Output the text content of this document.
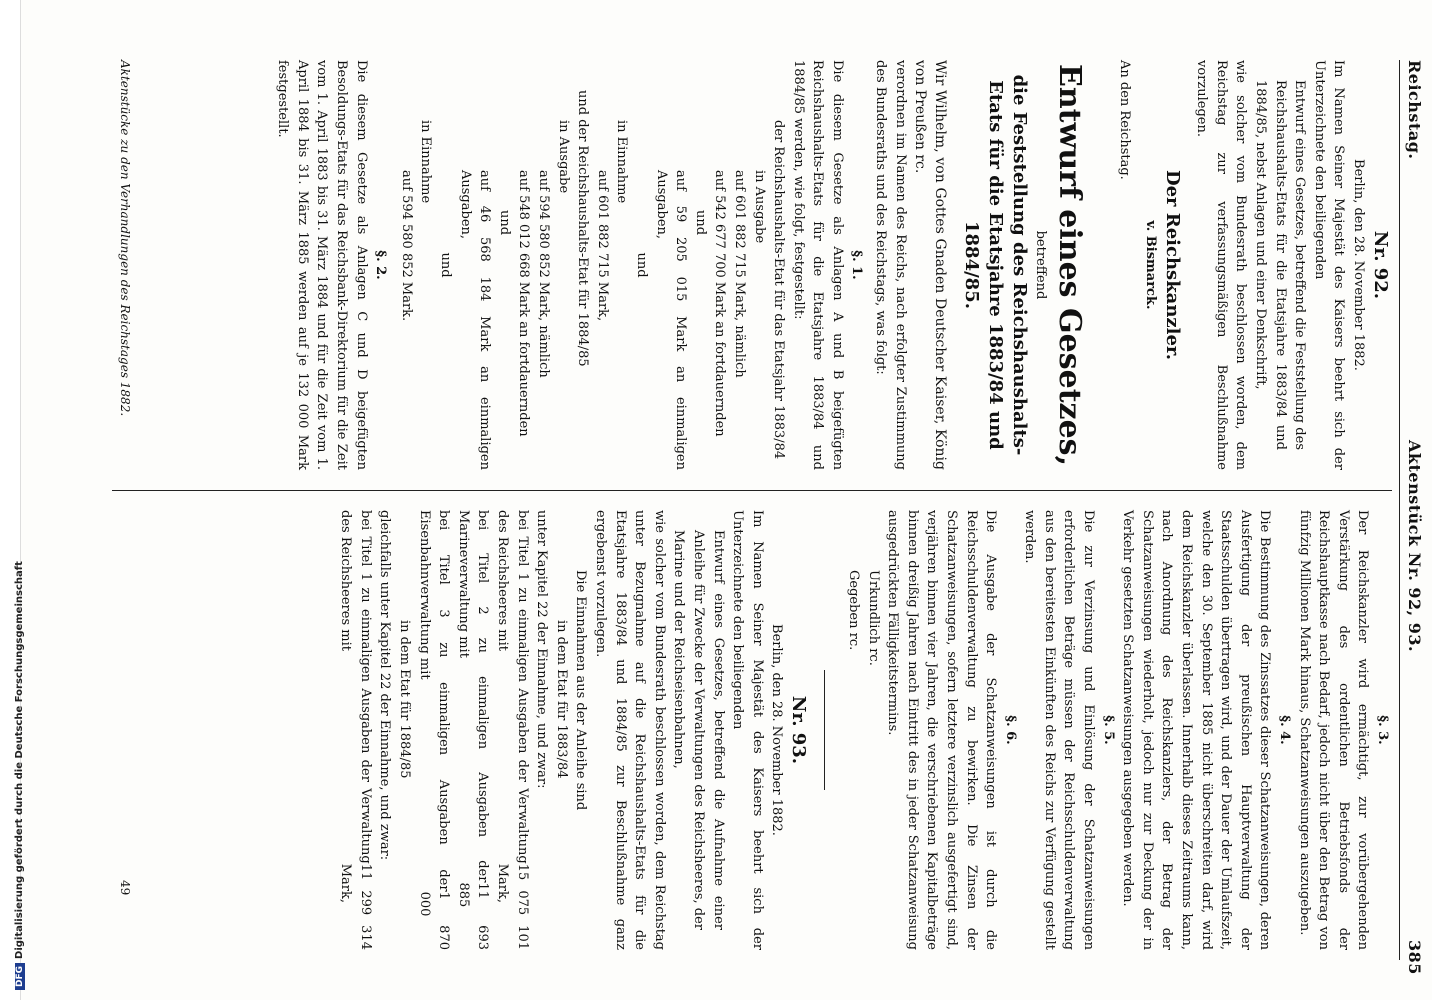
DFGDigitalisierung gefördert durch die Deutsche Forschungsgemeinschaft
Reichstag.
Aktenstück Nr. 92, 93.
385
Nr. 92.

Berlin, den 28. November 1882.

Im Namen Seiner Majestät des Kaisers beehrt sich der Unterzeichnete den beiliegenden

Entwurf eines Gesetzes, betreffend die Feststellung des Reichshaushalts-Etats für die Etatsjahre 1883/84 und 1884/85, nebst Anlagen und einer Denkschrift,

wie solcher vom Bundesrath beschlossen worden, dem Reichstag zur verfassungsmäßigen Beschlußnahme vorzulegen.

Der Reichskanzler.
v. Bismarck.
An den Reichstag.
Entwurf eines Gesetzes,
betreffend
die Feststellung des Reichshaushalts-Etats für die Etatsjahre 1883/84 und 1884/85.

Wir Wilhelm, von Gottes Gnaden Deutscher Kaiser, König von Preußen rc.

verordnen im Namen des Reichs, nach erfolgter Zustimmung des Bundesraths und des Reichstags, was folgt:

§. 1.

Die diesem Gesetze als Anlagen A und B beigefügten Reichshaushalts-Etats für die Etatsjahre 1883/84 und 1884/85 werden, wie folgt, festgestellt:

der Reichshaushalts-Etat für das Etatsjahr 1883/84
in Ausgabe
auf 601 882 715 Mark, nämlich
auf 542 677 700 Mark an fortdauernden
und
auf 59 205 015 Mark an einmaligen Ausgaben,
und
in Einnahme
auf 601 882 715 Mark,
und der Reichshaushalts-Etat für 1884/85
in Ausgabe
auf 594 580 852 Mark, nämlich
auf 548 012 668 Mark an fortdauernden
und
auf 46 568 184 Mark an einmaligen Ausgaben,
und
in Einnahme
auf 594 580 852 Mark.
§. 2.

Die diesem Gesetze als Anlagen C und D beigefügten Besoldungs-Etats für das Reichsbank-Direktorium für die Zeit vom 1. April 1883 bis 31. März 1884 und für die Zeit vom 1. April 1884 bis 31. März 1885 werden auf je 132 000 Mark festgestellt.

Aktenstücke zu den Verhandlungen des Reichstages 1882.
§. 3.

Der Reichskanzler wird ermächtigt, zur vorübergehenden Verstärkung des ordentlichen Betriebsfonds der Reichshauptkasse nach Bedarf, jedoch nicht über den Betrag von fünfzig Millionen Mark hinaus, Schatzanweisungen auszugeben.

§. 4.

Die Bestimmung des Zinssatzes dieser Schatzanweisungen, deren Ausfertigung der preußischen Hauptverwaltung der Staatsschulden übertragen wird, und der Dauer der Umlaufszeit, welche den 30. September 1885 nicht überschreiten darf, wird dem Reichskanzler überlassen. Innerhalb dieses Zeitraums kann, nach Anordnung des Reichskanzlers, der Betrag der Schatzanweisungen wiederholt, jedoch nur zur Deckung der in Verkehr gesetzten Schatzanweisungen ausgegeben werden.

§. 5.

Die zur Verzinsung und Einlösung der Schatzanweisungen erforderlichen Beträge müssen der Reichsschuldenverwaltung aus den bereitesten Einkünften des Reichs zur Verfügung gestellt werden.

§. 6.

Die Ausgabe der Schatzanweisungen ist durch die Reichsschuldenverwaltung zu bewirken. Die Zinsen der Schatzanweisungen, sofern letztere verzinslich ausgefertigt sind, verjähren binnen vier Jahren, die verschriebenen Kapitalbeträge binnen dreißig Jahren nach Eintritt des in jeder Schatzanweisung ausgedrückten Fälligkeitstermins.

Urkundlich rc.
Gegeben rc.
Nr. 93.

Berlin, den 28. November 1882.

Im Namen Seiner Majestät des Kaisers beehrt sich der Unterzeichnete den beiliegenden

Entwurf eines Gesetzes, betreffend die Aufnahme einer Anleihe für Zwecke der Verwaltungen des Reichsheeres, der Marine und der Reichseisenbahnen,

wie solcher vom Bundesrath beschlossen worden, dem Reichstag unter Bezugnahme auf die Reichshaushalts-Etats für die Etatsjahre 1883/84 und 1884/85 zur Beschlußnahme ganz ergebenst vorzulegen.

Die Einnahmen aus der Anleihe sind
in dem Etat für 1883/84
unter Kapitel 22 der Einnahme, und zwar:
bei Titel 1 zu einmaligen Ausgaben der Verwaltung des Reichsheeres mit
15 075 101 Mark,
bei Titel 2 zu einmaligen Ausgaben der Marineverwaltung mit
11 693 885
bei Titel 3 zu einmaligen Ausgaben der Eisenbahnverwaltung mit
1 870 000
in dem Etat für 1884/85
gleichfalls unter Kapitel 22 der Einnahme, und zwar:
bei Titel 1 zu einmaligen Ausgaben der Verwaltung des Reichsheeres mit
11 299 314 Mark,
49
